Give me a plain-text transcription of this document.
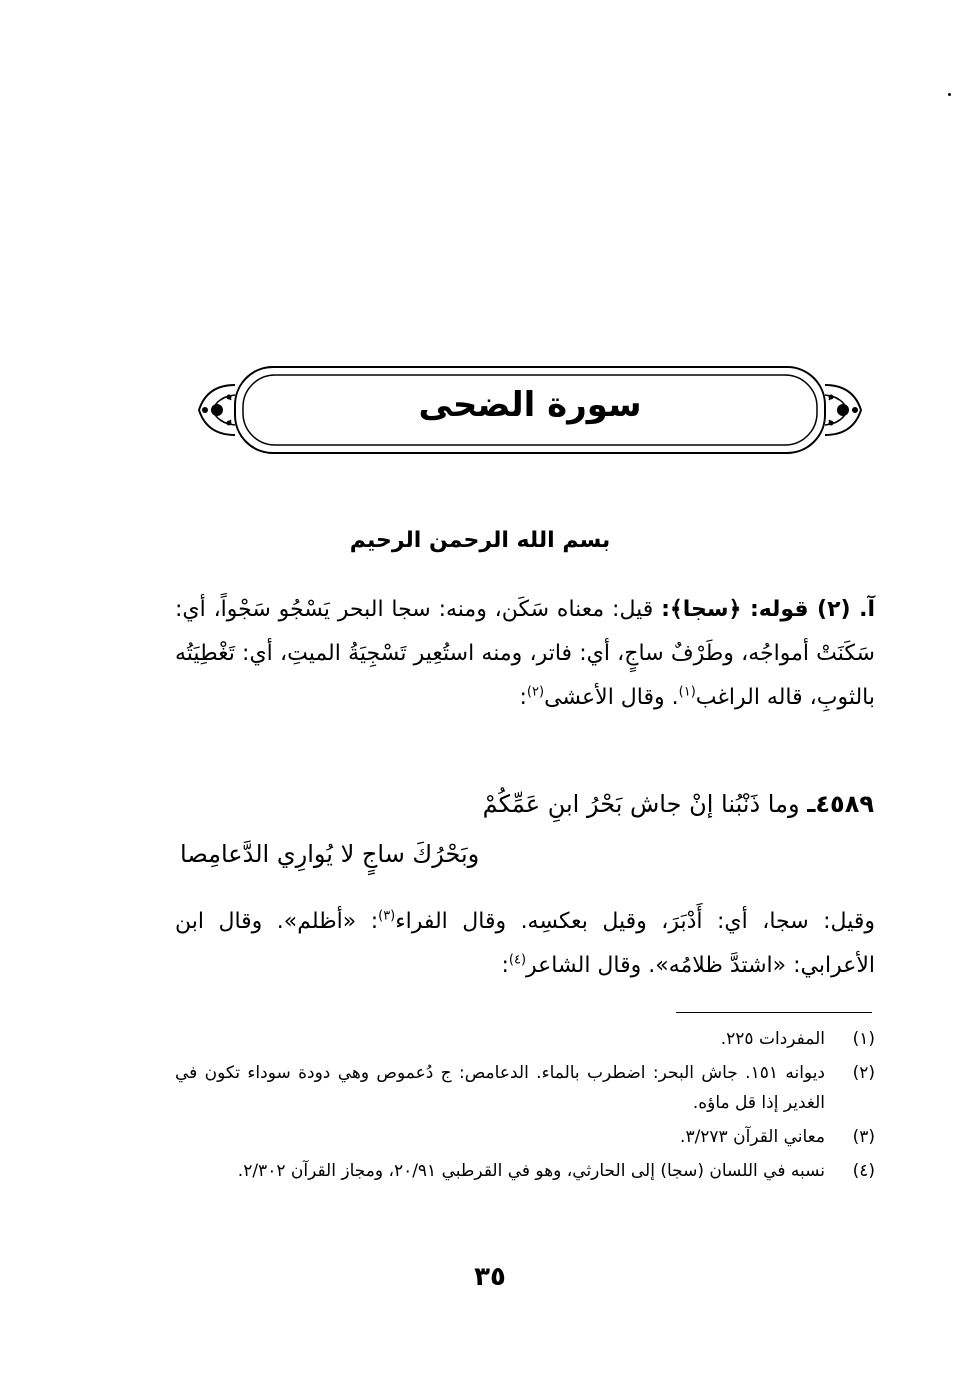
سورة الضحى
بسم الله الرحمن الرحيم
آ. (٢) قوله: ﴿سجا﴾: قيل: معناه سَكَن، ومنه: سجا البحر يَسْجُو سَجْواً، أي: سَكَنَتْ أمواجُه، وطَرْفٌ ساجٍ، أي: فاتر، ومنه استُعِير تَسْجِيَةُ الميتِ، أي: تَغْطِيَتُه بالثوبِ، قاله الراغب$^{(١)}$. وقال الأعشى$^{(٢)}$:
٤٥٨٩ـ وما ذَنْبُنا إنْ جاش بَحْرُ ابنِ عَمِّكُمْ
وبَحْرُكَ ساجٍ لا يُوارِي الدَّعامِصا
وقيل: سجا، أي: أَدْبَرَ، وقيل بعكسِه. وقال الفراء$^{(٣)}$: «أظلم». وقال ابن الأعرابي: «اشتدَّ ظلامُه». وقال الشاعر$^{(٤)}$:
(١)
المفردات ٢٢٥.
(٢)
ديوانه ١٥١. جاش البحر: اضطرب بالماء. الدعامص: ج دُعموص وهي دودة سوداء تكون في الغدير إذا قل ماؤه.
(٣)
معاني القرآن ٣/٢٧٣.
(٤)
نسبه في اللسان (سجا) إلى الحارثي، وهو في القرطبي ٢٠/٩١، ومجاز القرآن ٢/٣٠٢.
٣٥
